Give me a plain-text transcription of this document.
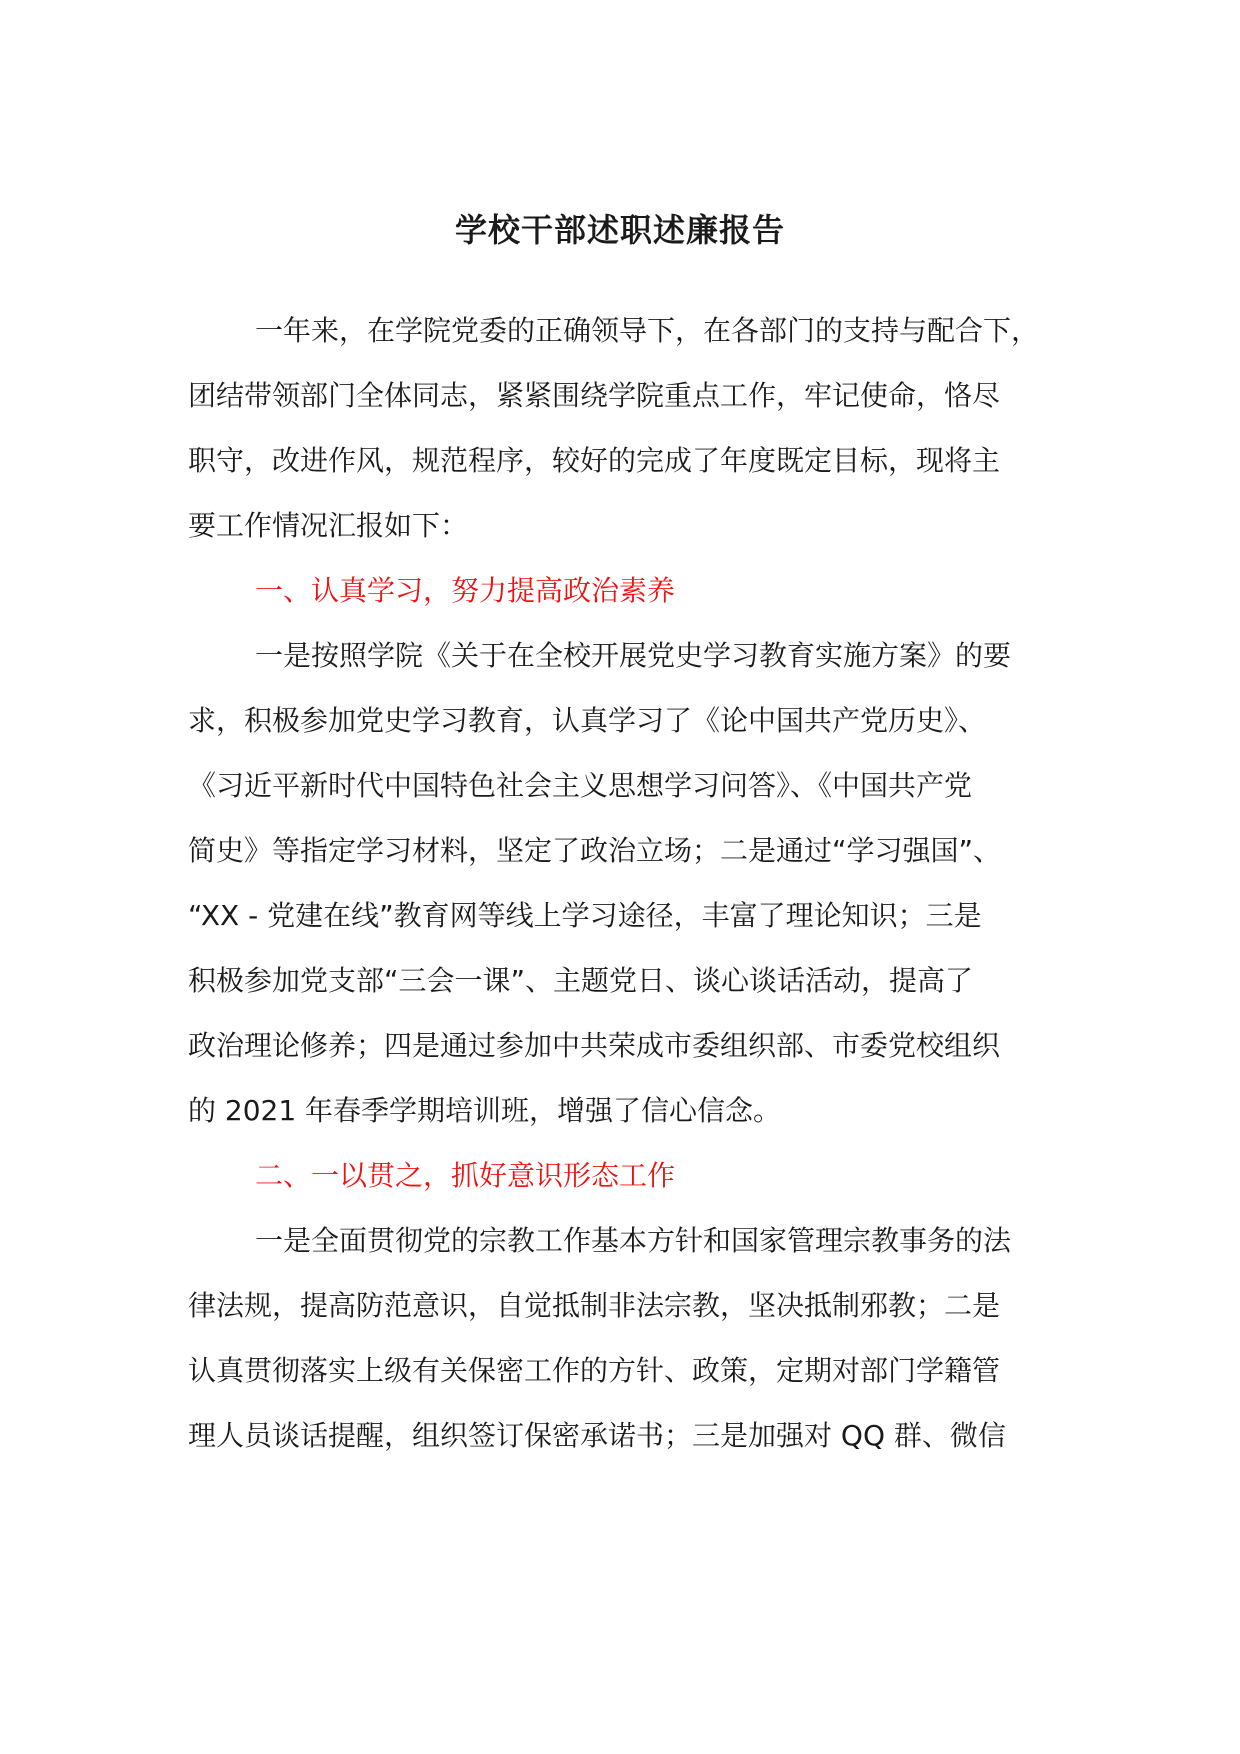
学校干部述职述廉报告
一年来，在学院党委的正确领导下，在各部门的支持与配合下，
团结带领部门全体同志，紧紧围绕学院重点工作，牢记使命，恪尽
职守，改进作风，规范程序，较好的完成了年度既定目标，现将主
要工作情况汇报如下：
一、认真学习，努力提高政治素养
一是按照学院《关于在全校开展党史学习教育实施方案》的要
求，积极参加党史学习教育，认真学习了《论中国共产党历史》、
《习近平新时代中国特色社会主义思想学习问答》、《中国共产党
简史》等指定学习材料，坚定了政治立场；二是通过“学习强国”、
“XX - 党建在线”教育网等线上学习途径，丰富了理论知识；三是
积极参加党支部“三会一课”、主题党日、谈心谈话活动，提高了
政治理论修养；四是通过参加中共荣成市委组织部、市委党校组织
的 2021 年春季学期培训班，增强了信心信念。
二、一以贯之，抓好意识形态工作
一是全面贯彻党的宗教工作基本方针和国家管理宗教事务的法
律法规，提高防范意识，自觉抵制非法宗教，坚决抵制邪教；二是
认真贯彻落实上级有关保密工作的方针、政策，定期对部门学籍管
理人员谈话提醒，组织签订保密承诺书；三是加强对 QQ 群、微信
